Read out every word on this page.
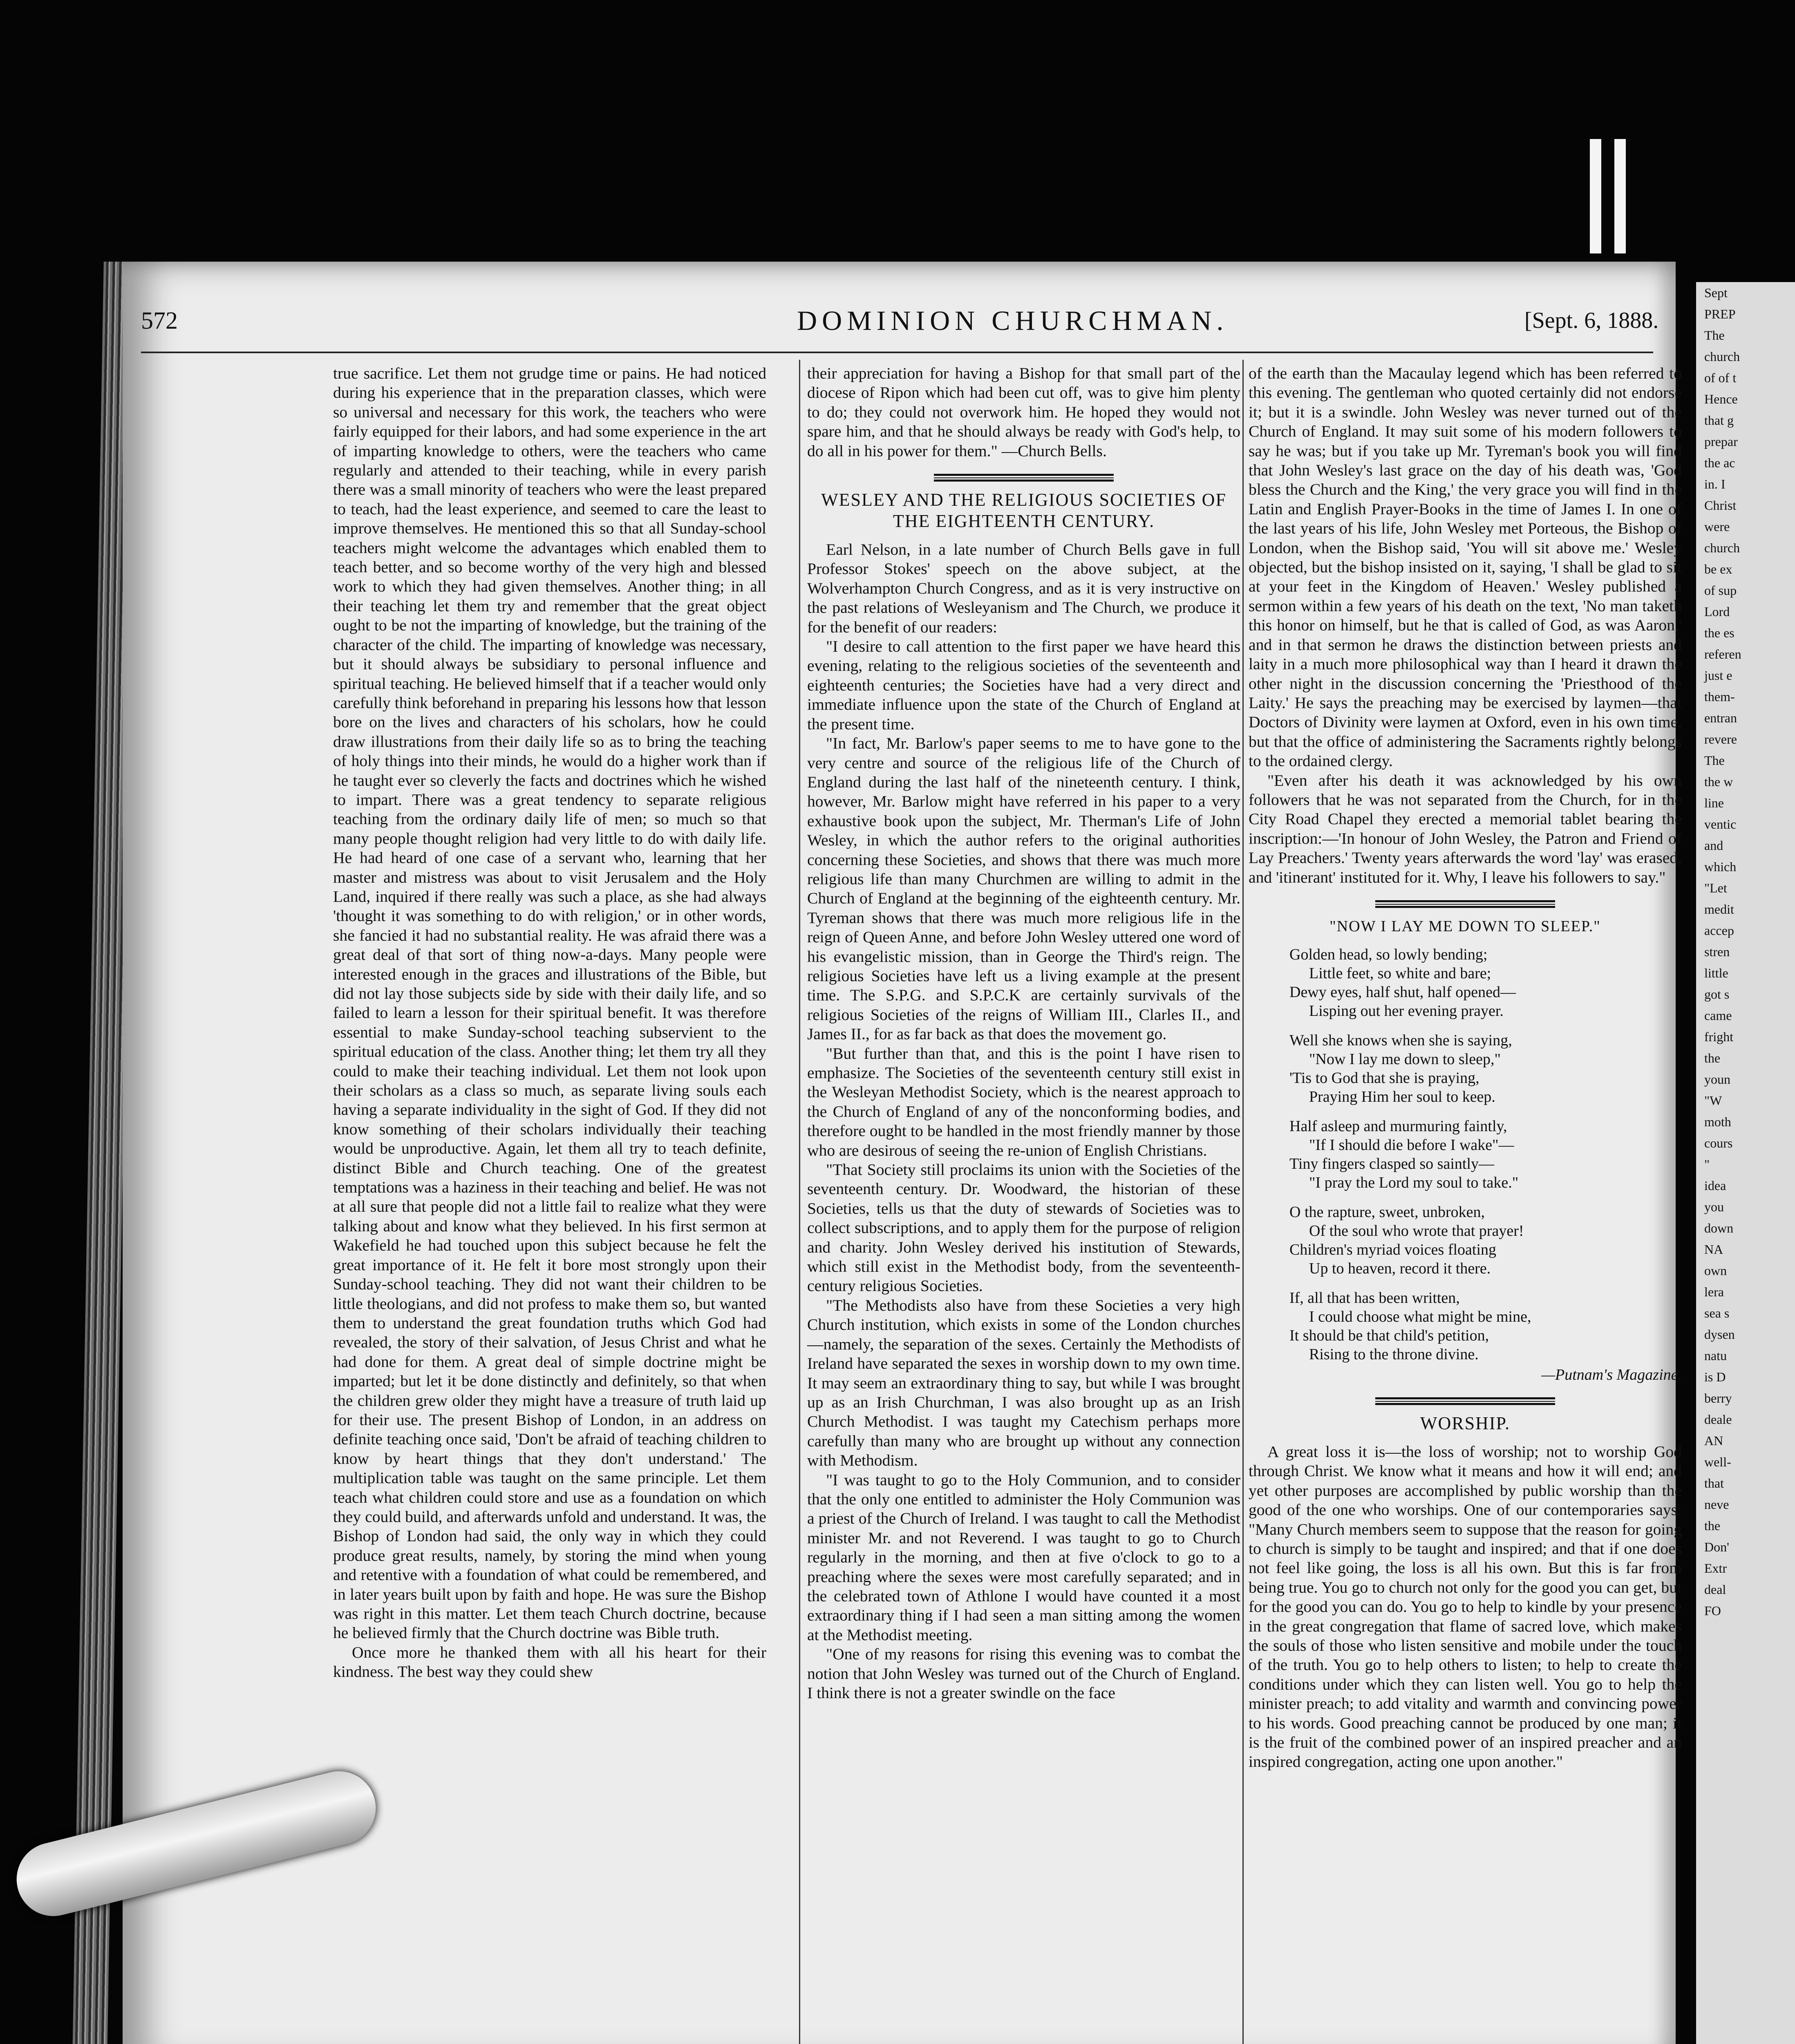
Sept
PREP
The
church
of of t
Hence
that g
prepar
the ac
in. I
Christ
were
church
be ex
of sup
Lord
the es
referen
just e
them-
entran
revere
The
the w
line
ventic
and
which
"Let
medit
accep
stren
little
got s
came
fright
the
youn
"W
moth
cours
"
idea
you
down
NA
own
lera
sea s
dysen
natu
is D
berry
deale
AN
well-
that
neve
the
Don'
Extr
deal
FO
572	DOMINION CHURCHMAN.	[Sept. 6, 1888.

true sacrifice. Let them not grudge time or pains. He had noticed during his experience that in the preparation classes, which were so universal and necessary for this work, the teachers who were fairly equipped for their labors, and had some experience in the art of imparting knowledge to others, were the teachers who came regularly and attended to their teaching, while in every parish there was a small minority of teachers who were the least prepared to teach, had the least experience, and seemed to care the least to improve themselves. He mentioned this so that all Sunday-school teachers might welcome the advantages which enabled them to teach better, and so become worthy of the very high and blessed work to which they had given themselves. Another thing; in all their teaching let them try and remember that the great object ought to be not the imparting of knowledge, but the training of the character of the child. The imparting of knowledge was necessary, but it should always be subsidiary to personal influence and spiritual teaching. He believed himself that if a teacher would only carefully think beforehand in preparing his lessons how that lesson bore on the lives and characters of his scholars, how he could draw illustrations from their daily life so as to bring the teaching of holy things into their minds, he would do a higher work than if he taught ever so cleverly the facts and doctrines which he wished to impart. There was a great tendency to separate religious teaching from the ordinary daily life of men; so much so that many people thought religion had very little to do with daily life. He had heard of one case of a servant who, learning that her master and mistress was about to visit Jerusalem and the Holy Land, inquired if there really was such a place, as she had always 'thought it was something to do with religion,' or in other words, she fancied it had no substantial reality. He was afraid there was a great deal of that sort of thing now-a-days. Many people were interested enough in the graces and illustrations of the Bible, but did not lay those subjects side by side with their daily life, and so failed to learn a lesson for their spiritual benefit. It was therefore essential to make Sunday-school teaching subservient to the spiritual education of the class. Another thing; let them try all they could to make their teaching individual. Let them not look upon their scholars as a class so much, as separate living souls each having a separate individuality in the sight of God. If they did not know something of their scholars individually their teaching would be unproductive. Again, let them all try to teach definite, distinct Bible and Church teaching. One of the greatest temptations was a haziness in their teaching and belief. He was not at all sure that people did not a little fail to realize what they were talking about and know what they believed. In his first sermon at Wakefield he had touched upon this subject because he felt the great importance of it. He felt it bore most strongly upon their Sunday-school teaching. They did not want their children to be little theologians, and did not profess to make them so, but wanted them to understand the great foundation truths which God had revealed, the story of their salvation, of Jesus Christ and what he had done for them. A great deal of simple doctrine might be imparted; but let it be done distinctly and definitely, so that when the children grew older they might have a treasure of truth laid up for their use. The present Bishop of London, in an address on definite teaching once said, 'Don't be afraid of teaching children to know by heart things that they don't understand.' The multiplication table was taught on the same principle. Let them teach what children could store and use as a foundation on which they could build, and afterwards unfold and understand. It was, the Bishop of London had said, the only way in which they could produce great results, namely, by storing the mind when young and retentive with a foundation of what could be remembered, and in later years built upon by faith and hope. He was sure the Bishop was right in this matter. Let them teach Church doctrine, because he believed firmly that the Church doctrine was Bible truth.

Once more he thanked them with all his heart for their kindness. The best way they could shew

their appreciation for having a Bishop for that small part of the diocese of Ripon which had been cut off, was to give him plenty to do; they could not overwork him. He hoped they would not spare him, and that he should always be ready with God's help, to do all in his power for them." —Church Bells.

WESLEY AND THE RELIGIOUS SOCIETIES OF THE EIGHTEENTH CENTURY.

Earl Nelson, in a late number of Church Bells gave in full Professor Stokes' speech on the above subject, at the Wolverhampton Church Congress, and as it is very instructive on the past relations of Wesleyanism and The Church, we produce it for the benefit of our readers:

"I desire to call attention to the first paper we have heard this evening, relating to the religious societies of the seventeenth and eighteenth centuries; the Societies have had a very direct and immediate influence upon the state of the Church of England at the present time.

"In fact, Mr. Barlow's paper seems to me to have gone to the very centre and source of the religious life of the Church of England during the last half of the nineteenth century. I think, however, Mr. Barlow might have referred in his paper to a very exhaustive book upon the subject, Mr. Therman's Life of John Wesley, in which the author refers to the original authorities concerning these Societies, and shows that there was much more religious life than many Churchmen are willing to admit in the Church of England at the beginning of the eighteenth century. Mr. Tyreman shows that there was much more religious life in the reign of Queen Anne, and before John Wesley uttered one word of his evangelistic mission, than in George the Third's reign. The religious Societies have left us a living example at the present time. The S.P.G. and S.P.C.K are certainly survivals of the religious Societies of the reigns of William III., Clarles II., and James II., for as far back as that does the movement go.

"But further than that, and this is the point I have risen to emphasize. The Societies of the seventeenth century still exist in the Wesleyan Methodist Society, which is the nearest approach to the Church of England of any of the nonconforming bodies, and therefore ought to be handled in the most friendly manner by those who are desirous of seeing the re-union of English Christians.

"That Society still proclaims its union with the Societies of the seventeenth century. Dr. Woodward, the historian of these Societies, tells us that the duty of stewards of Societies was to collect subscriptions, and to apply them for the purpose of religion and charity. John Wesley derived his institution of Stewards, which still exist in the Methodist body, from the seventeenth-century religious Societies.

"The Methodists also have from these Societies a very high Church institution, which exists in some of the London churches—namely, the separation of the sexes. Certainly the Methodists of Ireland have separated the sexes in worship down to my own time. It may seem an extraordinary thing to say, but while I was brought up as an Irish Churchman, I was also brought up as an Irish Church Methodist. I was taught my Catechism perhaps more carefully than many who are brought up without any connection with Methodism.

"I was taught to go to the Holy Communion, and to consider that the only one entitled to administer the Holy Communion was a priest of the Church of Ireland. I was taught to call the Methodist minister Mr. and not Reverend. I was taught to go to Church regularly in the morning, and then at five o'clock to go to a preaching where the sexes were most carefully separated; and in the celebrated town of Athlone I would have counted it a most extraordinary thing if I had seen a man sitting among the women at the Methodist meeting.

"One of my reasons for rising this evening was to combat the notion that John Wesley was turned out of the Church of England. I think there is not a greater swindle on the face

of the earth than the Macaulay legend which has been referred to this evening. The gentleman who quoted certainly did not endorse it; but it is a swindle. John Wesley was never turned out of the Church of England. It may suit some of his modern followers to say he was; but if you take up Mr. Tyreman's book you will find that John Wesley's last grace on the day of his death was, 'God bless the Church and the King,' the very grace you will find in the Latin and English Prayer-Books in the time of James I. In one of the last years of his life, John Wesley met Porteous, the Bishop of London, when the Bishop said, 'You will sit above me.' Wesley objected, but the bishop insisted on it, saying, 'I shall be glad to sit at your feet in the Kingdom of Heaven.' Wesley published a sermon within a few years of his death on the text, 'No man taketh this honor on himself, but he that is called of God, as was Aaron,' and in that sermon he draws the distinction between priests and laity in a much more philosophical way than I heard it drawn the other night in the discussion concerning the 'Priesthood of the Laity.' He says the preaching may be exercised by laymen—that Doctors of Divinity were laymen at Oxford, even in his own time, but that the office of administering the Sacraments rightly belongs to the ordained clergy.

"Even after his death it was acknowledged by his own followers that he was not separated from the Church, for in the City Road Chapel they erected a memorial tablet bearing the inscription:—'In honour of John Wesley, the Patron and Friend of Lay Preachers.' Twenty years afterwards the word 'lay' was erased, and 'itinerant' instituted for it. Why, I leave his followers to say."

"NOW I LAY ME DOWN TO SLEEP."
Golden head, so lowly bending;
Little feet, so white and bare;
Dewy eyes, half shut, half opened—
Lisping out her evening prayer.
Well she knows when she is saying,
"Now I lay me down to sleep,"
'Tis to God that she is praying,
Praying Him her soul to keep.
Half asleep and murmuring faintly,
"If I should die before I wake"—
Tiny fingers clasped so saintly—
"I pray the Lord my soul to take."
O the rapture, sweet, unbroken,
Of the soul who wrote that prayer!
Children's myriad voices floating
Up to heaven, record it there.
If, all that has been written,
I could choose what might be mine,
It should be that child's petition,
Rising to the throne divine.
—Putnam's Magazine.
WORSHIP.

A great loss it is—the loss of worship; not to worship God through Christ. We know what it means and how it will end; and yet other purposes are accomplished by public worship than the good of the one who worships. One of our contemporaries says: "Many Church members seem to suppose that the reason for going to church is simply to be taught and inspired; and that if one does not feel like going, the loss is all his own. But this is far from being true. You go to church not only for the good you can get, but for the good you can do. You go to help to kindle by your presence in the great congregation that flame of sacred love, which makes the souls of those who listen sensitive and mobile under the touch of the truth. You go to help others to listen; to help to create the conditions under which they can listen well. You go to help the minister preach; to add vitality and warmth and convincing power to his words. Good preaching cannot be produced by one man; it is the fruit of the combined power of an inspired preacher and an inspired congregation, acting one upon another."
